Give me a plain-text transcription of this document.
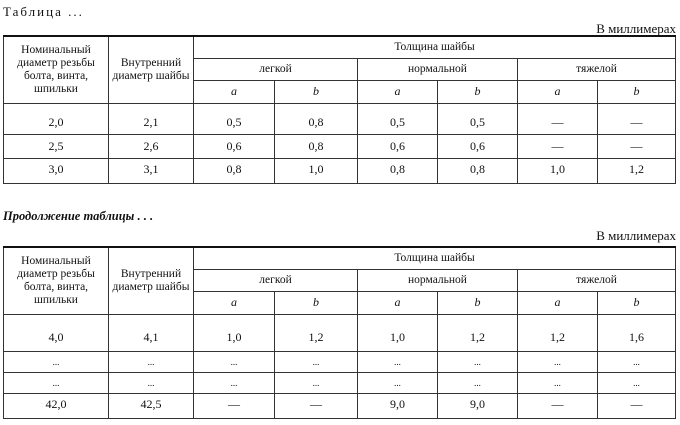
Таблица ...
В миллимерах
Номинальный диаметр резьбы болта, винта, шпильки	Внутренний диаметр шайбы	Толщина шайбы					
		легкой		нормальной		тяжелой	
		a	b	a	b	a	b
2,0	2,1	0,5	0,8	0,5	0,5	—	—
2,5	2,6	0,6	0,8	0,6	0,6	—	—
3,0	3,1	0,8	1,0	0,8	0,8	1,0	1,2
Продолжение таблицы . . .
В миллимерах
Номинальный диаметр резьбы болта, винта, шпильки	Внутренний диаметр шайбы	Толщина шайбы					
		легкой		нормальной		тяжелой	
		a	b	a	b	a	b
4,0	4,1	1,0	1,2	1,0	1,2	1,2	1,6
...	...	...	...	...	...	...	...
...	...	...	...	...	...	...	...
42,0	42,5	—	—	9,0	9,0	—	—
